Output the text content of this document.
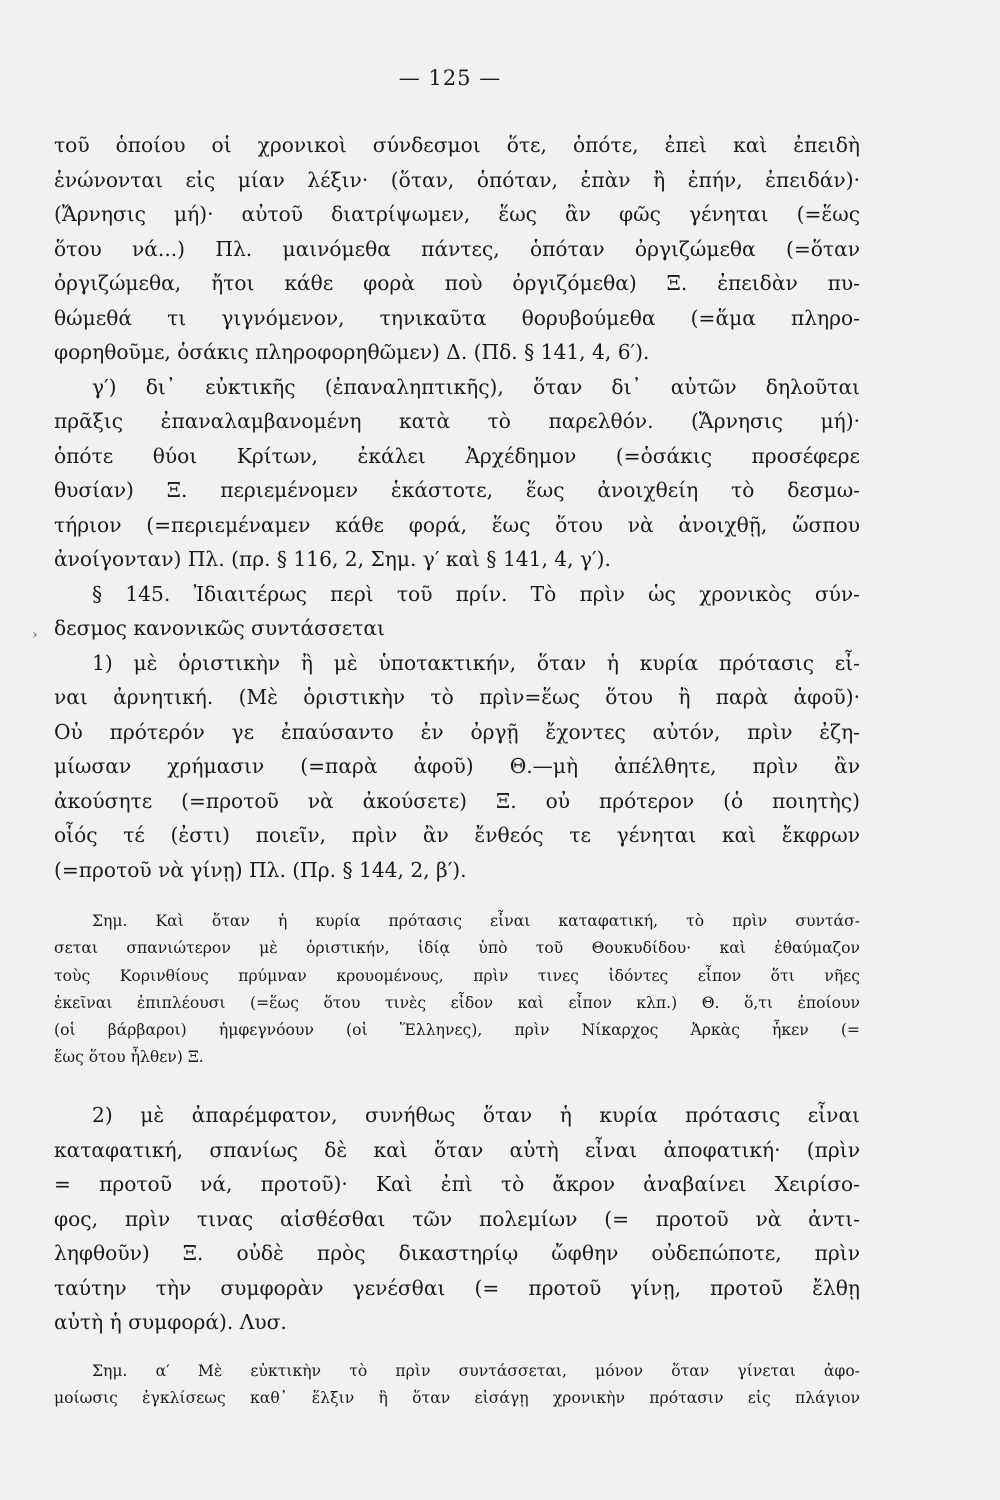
— 125 —
›
τοῦ ὁποίου οἱ χρονικοὶ σύνδεσμοι ὅτε, ὁπότε, ἐπεὶ καὶ ἐπειδὴ
ἑνώνονται εἰς μίαν λέξιν· (ὅταν, ὁπόταν, ἐπὰν ἢ ἐπήν, ἐπειδάν)·
(Ἄρνησις μή)· αὐτοῦ διατρίψωμεν, ἕως ἂν φῶς γένηται (=ἕως
ὅτου νά...) Πλ. μαινόμεθα πάντες, ὁπόταν ὀργιζώμεθα (=ὅταν
ὀργιζώμεθα, ἤτοι κάθε φορὰ ποὺ ὀργιζόμεθα) Ξ. ἐπειδὰν πυ-
θώμεθά τι γιγνόμενον, τηνικαῦτα θορυβούμεθα (=ἅμα πληρο-
φορηθοῦμε, ὁσάκις πληροφορηθῶμεν) Δ. (Πδ. § 141, 4, 6′).
γ′) δι᾽ εὐκτικῆς (ἐπαναληπτικῆς), ὅταν δι᾽ αὐτῶν δηλοῦται
πρᾶξις ἐπαναλαμβανομένη κατὰ τὸ παρελθόν. (Ἄρνησις μή)·
ὁπότε θύοι Κρίτων, ἐκάλει Ἀρχέδημον (=ὁσάκις προσέφερε
θυσίαν) Ξ. περιεμένομεν ἑκάστοτε, ἕως ἀνοιχθείη τὸ δεσμω-
τήριον (=περιεμέναμεν κάθε φορά, ἕως ὅτου νὰ ἀνοιχθῇ, ὥσπου
ἀνοίγονταν) Πλ. (πρ. § 116, 2, Σημ. γ′ καὶ § 141, 4, γ′).
§ 145. Ἰδιαιτέρως περὶ τοῦ πρίν. Τὸ πρὶν ὡς χρονικὸς σύν-
δεσμος κανονικῶς συντάσσεται
1) μὲ ὁριστικὴν ἢ μὲ ὑποτακτικήν, ὅταν ἡ κυρία πρότασις εἶ-
ναι ἀρνητική. (Μὲ ὁριστικὴν τὸ πρὶν=ἕως ὅτου ἢ παρὰ ἀφοῦ)·
Οὐ πρότερόν γε ἐπαύσαντο ἐν ὀργῇ ἔχοντες αὐτόν, πρὶν ἐζη-
μίωσαν χρήμασιν (=παρὰ ἀφοῦ) Θ.—μὴ ἀπέλθητε, πρὶν ἂν
ἀκούσητε (=προτοῦ νὰ ἀκούσετε) Ξ. οὐ πρότερον (ὁ ποιητὴς)
οἷός τέ (ἐστι) ποιεῖν, πρὶν ἂν ἔνθεός τε γένηται καὶ ἔκφρων
(=προτοῦ νὰ γίνῃ) Πλ. (Πρ. § 144, 2, β′).
Σημ. Καὶ ὅταν ἡ κυρία πρότασις εἶναι καταφατική, τὸ πρὶν συντάσ-
σεται σπανιώτερον μὲ ὁριστικήν, ἰδίᾳ ὑπὸ τοῦ Θουκυδίδου· καὶ ἐθαύμαζον
τοὺς Κορινθίους πρύμναν κρουομένους, πρὶν τινες ἰδόντες εἶπον ὅτι νῆες
ἐκεῖναι ἐπιπλέουσι (=ἕως ὅτου τινὲς εἶδον καὶ εἶπον κλπ.) Θ. ὅ,τι ἐποίουν
(οἱ βάρβαροι) ἠμφεγνόουν (οἱ Ἕλληνες), πρὶν Νίκαρχος Ἀρκὰς ἧκεν (=
ἕως ὅτου ἦλθεν) Ξ.
2) μὲ ἀπαρέμφατον, συνήθως ὅταν ἡ κυρία πρότασις εἶναι
καταφατική, σπανίως δὲ καὶ ὅταν αὐτὴ εἶναι ἀποφατική· (πρὶν
= προτοῦ νά, προτοῦ)· Καὶ ἐπὶ τὸ ἄκρον ἀναβαίνει Χειρίσο-
φος, πρὶν τινας αἰσθέσθαι τῶν πολεμίων (= προτοῦ νὰ ἀντι-
ληφθοῦν) Ξ. οὐδὲ πρὸς δικαστηρίῳ ὤφθην οὐδεπώποτε, πρὶν
ταύτην τὴν συμφορὰν γενέσθαι (= προτοῦ γίνῃ, προτοῦ ἔλθῃ
αὐτὴ ἡ συμφορά). Λυσ.
Σημ. α′ Μὲ εὐκτικὴν τὸ πρὶν συντάσσεται, μόνον ὅταν γίνεται ἀφο-
μοίωσις ἐγκλίσεως καθ᾽ ἕλξιν ἢ ὅταν εἰσάγῃ χρονικὴν πρότασιν εἰς πλάγιον
